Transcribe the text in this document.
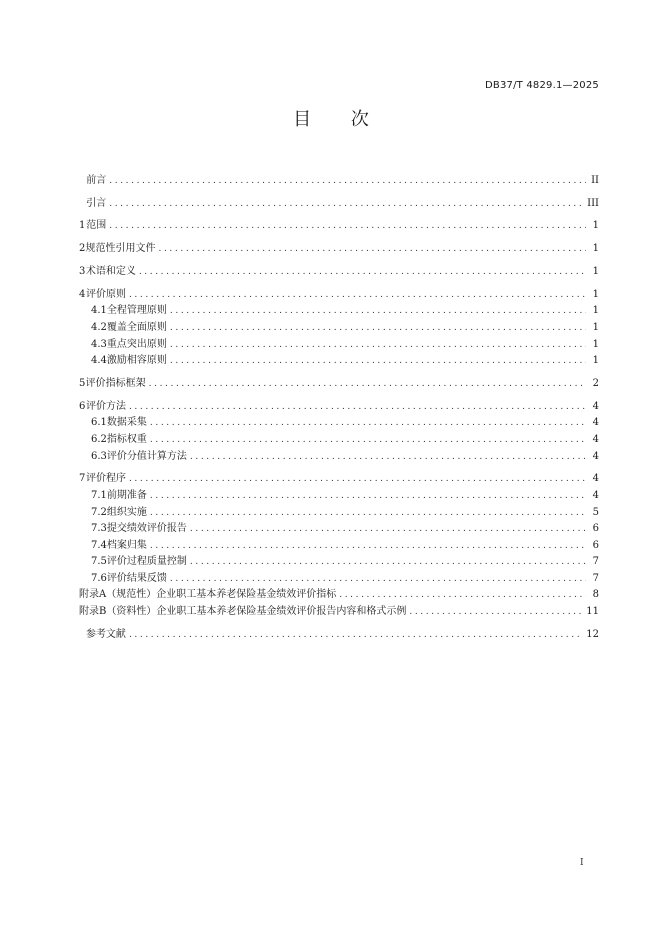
DB37/T 4829.1—2025
目 次
前言 .....	II
引言 .....	III
1 范围 .....	1
2 规范性引用文件 .....	1
3 术语和定义 .....	1
4 评价原则 .....	1
4.1 全程管理原则 .....	1
4.2 覆盖全面原则 .....	1
4.3 重点突出原则 .....	1
4.4 激励相容原则 .....	1
5 评价指标框架 .....	2
6 评价方法 .....	4
6.1 数据采集 .....	4
6.2 指标权重 .....	4
6.3 评价分值计算方法 .....	4
7 评价程序 .....	4
7.1 前期准备 .....	4
7.2 组织实施 .....	5
7.3 提交绩效评价报告 .....	6
7.4 档案归集 .....	6
7.5 评价过程质量控制 .....	7
7.6 评价结果反馈 .....	7
附录A（规范性） 企业职工基本养老保险基金绩效评价指标 .....	8
附录B（资料性） 企业职工基本养老保险基金绩效评价报告内容和格式示例 .....	11
参考文献 .....	12
I
